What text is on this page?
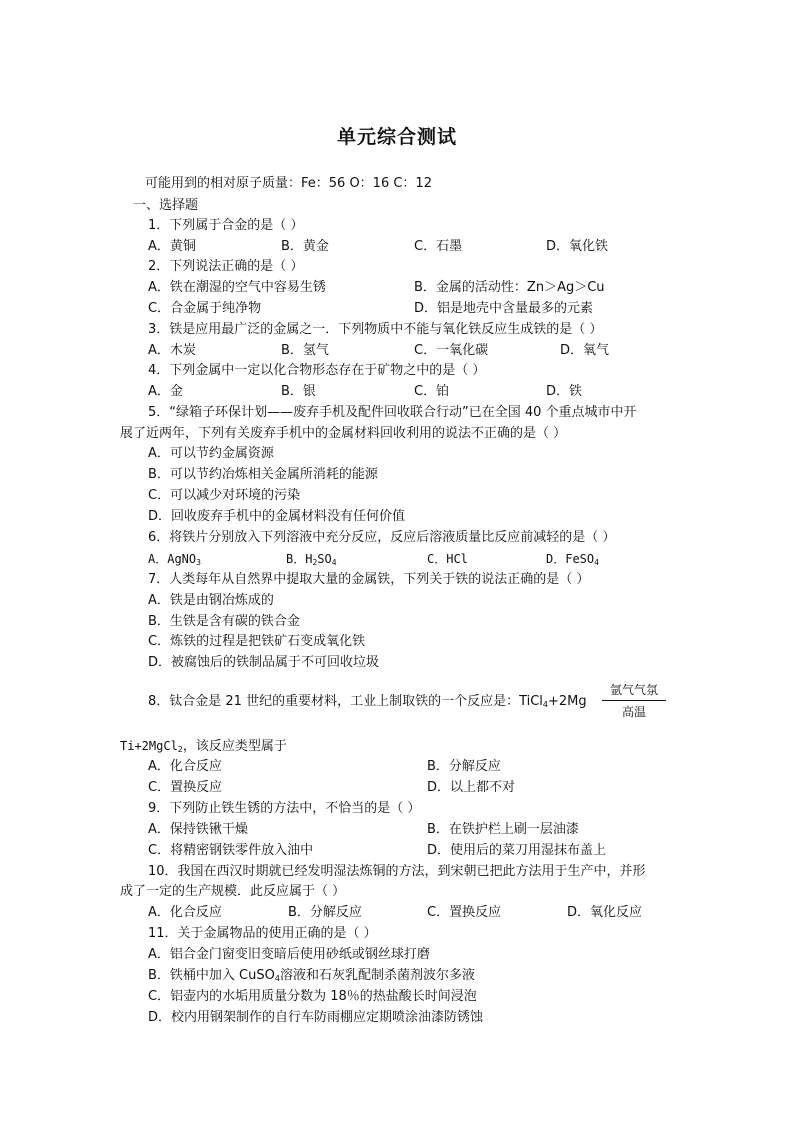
单元综合测试
可能用到的相对原子质量：Fe：56 O：16 C：12
一、选择题
1．下列属于合金的是（ ）
A．黄铜	B．黄金	C．石墨	D．氧化铁
2．下列说法正确的是（ ）
A．铁在潮湿的空气中容易生锈	B．金属的活动性：Zn＞Ag＞Cu
C．合金属于纯净物	D．铝是地壳中含量最多的元素
3．铁是应用最广泛的金属之一．下列物质中不能与氧化铁反应生成铁的是（ ）
A．木炭	B．氢气	C．一氧化碳	D．氧气
4．下列金属中一定以化合物形态存在于矿物之中的是（ ）
A．金	B．银	C．铂	D．铁
5．“绿箱子环保计划——废弃手机及配件回收联合行动”已在全国 40 个重点城市中开
展了近两年，下列有关废弃手机中的金属材料回收利用的说法不正确的是（ ）
A．可以节约金属资源
B．可以节约冶炼相关金属所消耗的能源
C．可以减少对环境的污染
D．回收废弃手机中的金属材料没有任何价值
6．将铁片分别放入下列溶液中充分反应，反应后溶液质量比反应前减轻的是（ ）
A．AgNO$_3$	B．$H_2SO_4$	C．HCl	D．FeSO$_4$
7．人类每年从自然界中提取大量的金属铁，下列关于铁的说法正确的是（ ）
A．铁是由钢冶炼成的
B．生铁是含有碳的铁合金
C．炼铁的过程是把铁矿石变成氧化铁
D．被腐蚀后的铁制品属于不可回收垃圾
8．钛合金是 21 世纪的重要材料，工业上制取铁的一个反应是：TiCl$_4$+2Mg
氩气气氛
高温
Ti+2MgCl$_2$，该反应类型属于
A．化合反应	B．分解反应
C．置换反应	D．以上都不对
9．下列防止铁生锈的方法中，不恰当的是（ ）
A．保持铁锹干燥	B．在铁护栏上刷一层油漆
C．将精密钢铁零件放入油中	D．使用后的菜刀用湿抹布盖上
10．我国在西汉时期就已经发明湿法炼铜的方法，到宋朝已把此方法用于生产中，并形
成了一定的生产规模．此反应属于（ ）
A．化合反应	B．分解反应	C．置换反应	D．氧化反应
11．关于金属物品的使用正确的是（ ）
A．铝合金门窗变旧变暗后使用砂纸或钢丝球打磨
B．铁桶中加入 CuSO$_4$溶液和石灰乳配制杀菌剂波尔多液
C．铝壶内的水垢用质量分数为 18％的热盐酸长时间浸泡
D．校内用钢架制作的自行车防雨棚应定期喷涂油漆防锈蚀
